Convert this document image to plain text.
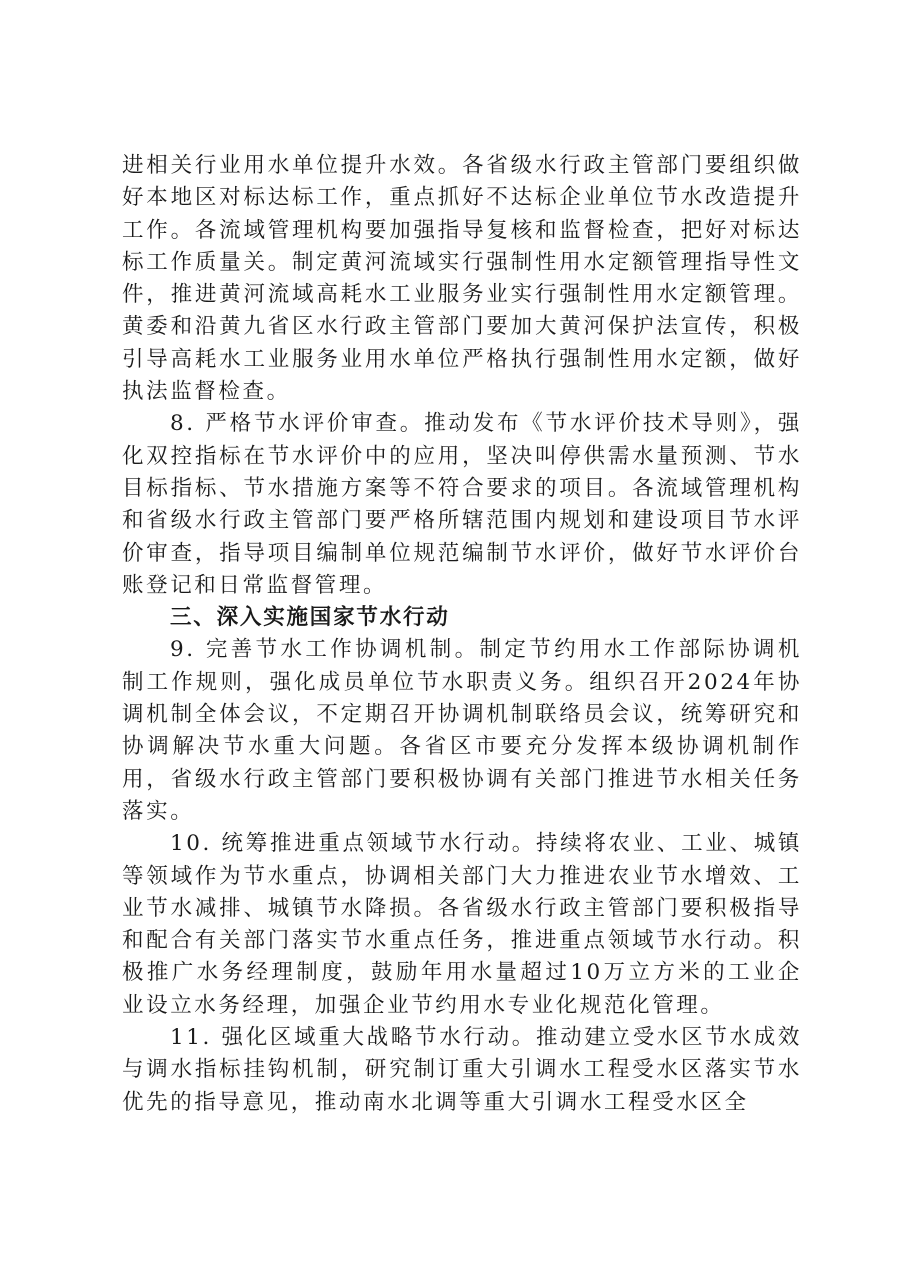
进相关行业用水单位提升水效。各省级水行政主管部门要组织做好本地区对标达标工作，重点抓好不达标企业单位节水改造提升工作。各流域管理机构要加强指导复核和监督检查，把好对标达标工作质量关。制定黄河流域实行强制性用水定额管理指导性文件，推进黄河流域高耗水工业服务业实行强制性用水定额管理。黄委和沿黄九省区水行政主管部门要加大黄河保护法宣传，积极引导高耗水工业服务业用水单位严格执行强制性用水定额，做好执法监督检查。

8. 严格节水评价审查。推动发布《节水评价技术导则》，强化双控指标在节水评价中的应用，坚决叫停供需水量预测、节水目标指标、节水措施方案等不符合要求的项目。各流域管理机构和省级水行政主管部门要严格所辖范围内规划和建设项目节水评价审查，指导项目编制单位规范编制节水评价，做好节水评价台账登记和日常监督管理。

三、深入实施国家节水行动

9. 完善节水工作协调机制。制定节约用水工作部际协调机制工作规则，强化成员单位节水职责义务。组织召开2024年协调机制全体会议，不定期召开协调机制联络员会议，统筹研究和协调解决节水重大问题。各省区市要充分发挥本级协调机制作用，省级水行政主管部门要积极协调有关部门推进节水相关任务落实。

10. 统筹推进重点领域节水行动。持续将农业、工业、城镇等领域作为节水重点，协调相关部门大力推进农业节水增效、工业节水减排、城镇节水降损。各省级水行政主管部门要积极指导和配合有关部门落实节水重点任务，推进重点领域节水行动。积极推广水务经理制度，鼓励年用水量超过10万立方米的工业企业设立水务经理，加强企业节约用水专业化规范化管理。

11. 强化区域重大战略节水行动。推动建立受水区节水成效与调水指标挂钩机制，研究制订重大引调水工程受水区落实节水优先的指导意见，推动南水北调等重大引调水工程受水区全
